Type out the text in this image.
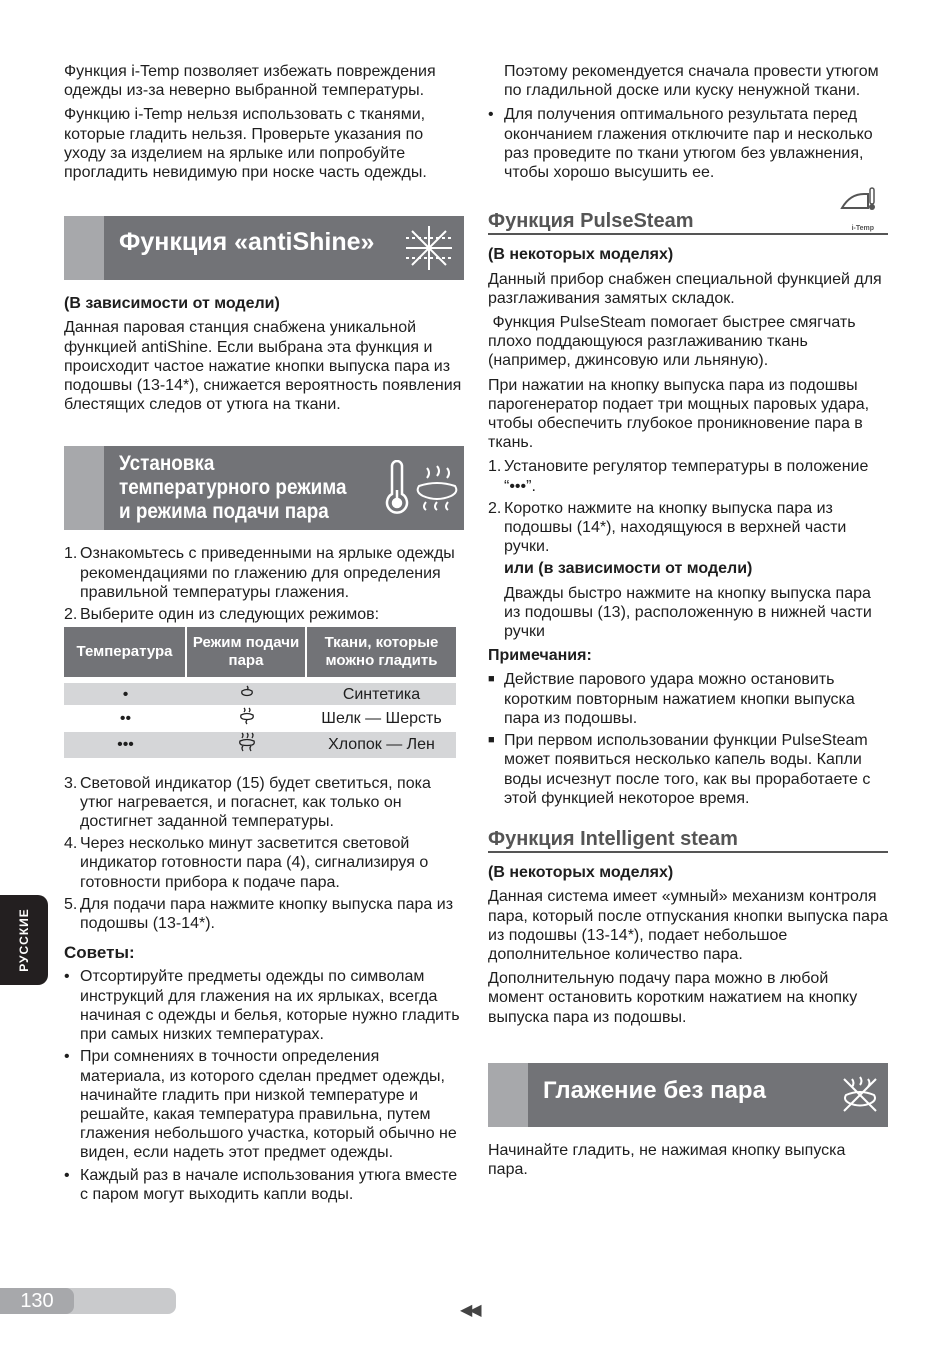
Функция i-Temp позволяет избежать повреждения одежды из-за неверно выбранной температуры.

Функцию i-Temp нельзя использовать с тканями, которые гладить нельзя. Проверьте указания по уходу за изделием на ярлыке или попробуйте прогладить невидимую при носке часть одежды.

Функция «antiShine»

(В зависимости от модели)

Данная паровая станция снабжена уникальной функцией antiShine. Если выбрана эта функция и происходит частое нажатие кнопки выпуска пара из подошвы (13-14*), снижается вероятность появления блестящих следов от утюга на ткани.

Установка
температурного режима
и режима подачи пара
1. Ознакомьтесь с приведенными на ярлыке одежды рекомендациями по глажению для определения правильной температуры глажения.
2. Выберите один из следующих режимов:
Температура	Режим подачи пара	Ткани, которые можно гладить

•		Синтетика
••		Шелк — Шерсть
•••		Хлопок — Лен
3. Световой индикатор (15) будет светиться, пока утюг нагревается, и погаснет, как только он достигнет заданной температуры.
4. Через несколько минут засветится световой индикатор готовности пара (4), сигнализируя о готовности прибора к подаче пара.
5. Для подачи пара нажмите кнопку выпуска пара из подошвы (13-14*).

Советы:

• Отсортируйте предметы одежды по символам инструкций для глажения на их ярлыках, всегда начиная с одежды и белья, которые нужно гладить при самых низких температурах.
• При сомнениях в точности определения материала, из которого сделан предмет одежды, начинайте гладить при низкой температуре и решайте, какая температура правильна, путем глажения небольшого участка, который обычно не виден, если надеть этот предмет одежды.
• Каждый раз в начале использования утюга вместе с паром могут выходить капли воды.

Поэтому рекомендуется сначала провести утюгом по гладильной доске или куску ненужной ткани.

• Для получения оптимального результата перед окончанием глажения отключите пар и несколько раз проведите по ткани утюгом без увлажнения, чтобы хорошо высушить ее.
Функция PulseSteam	i-Temp

(В некоторых моделях)

Данный прибор снабжен специальной функцией для разглаживания замятых складок.

Функция PulseSteam помогает быстрее смягчать плохо поддающуюся разглаживанию ткань (например, джинсовую или льняную).

При нажатии на кнопку выпуска пара из подошвы парогенератор подает три мощных паровых удара, чтобы обеспечить глубокое проникновение пара в ткань.

1. Установите регулятор температуры в положение “•••”.
2. Коротко нажмите на кнопку выпуска пара из подошвы (14*), находящуюся в верхней части ручки.

или (в зависимости от модели)

Дважды быстро нажмите на кнопку выпуска пара из подошвы (13), расположенную в нижней части ручки

Примечания:

■ Действие парового удара можно остановить коротким повторным нажатием кнопки выпуска пара из подошвы.
■ При первом использовании функции PulseSteam может появиться несколько капель воды. Капли воды исчезнут после того, как вы проработаете с этой функцией некоторое время.
Функция Intelligent steam

(В некоторых моделях)

Данная система имеет «умный» механизм контроля пара, который после отпускания кнопки выпуска пара из подошвы (13-14*), подает небольшое дополнительное количество пара.

Дополнительную подачу пара можно в любой момент остановить коротким нажатием на кнопку выпуска пара из подошвы.

Глажение без пара

Начинайте гладить, не нажимая кнопку выпуска пара.

РУССКИЕ
130	◀◀
